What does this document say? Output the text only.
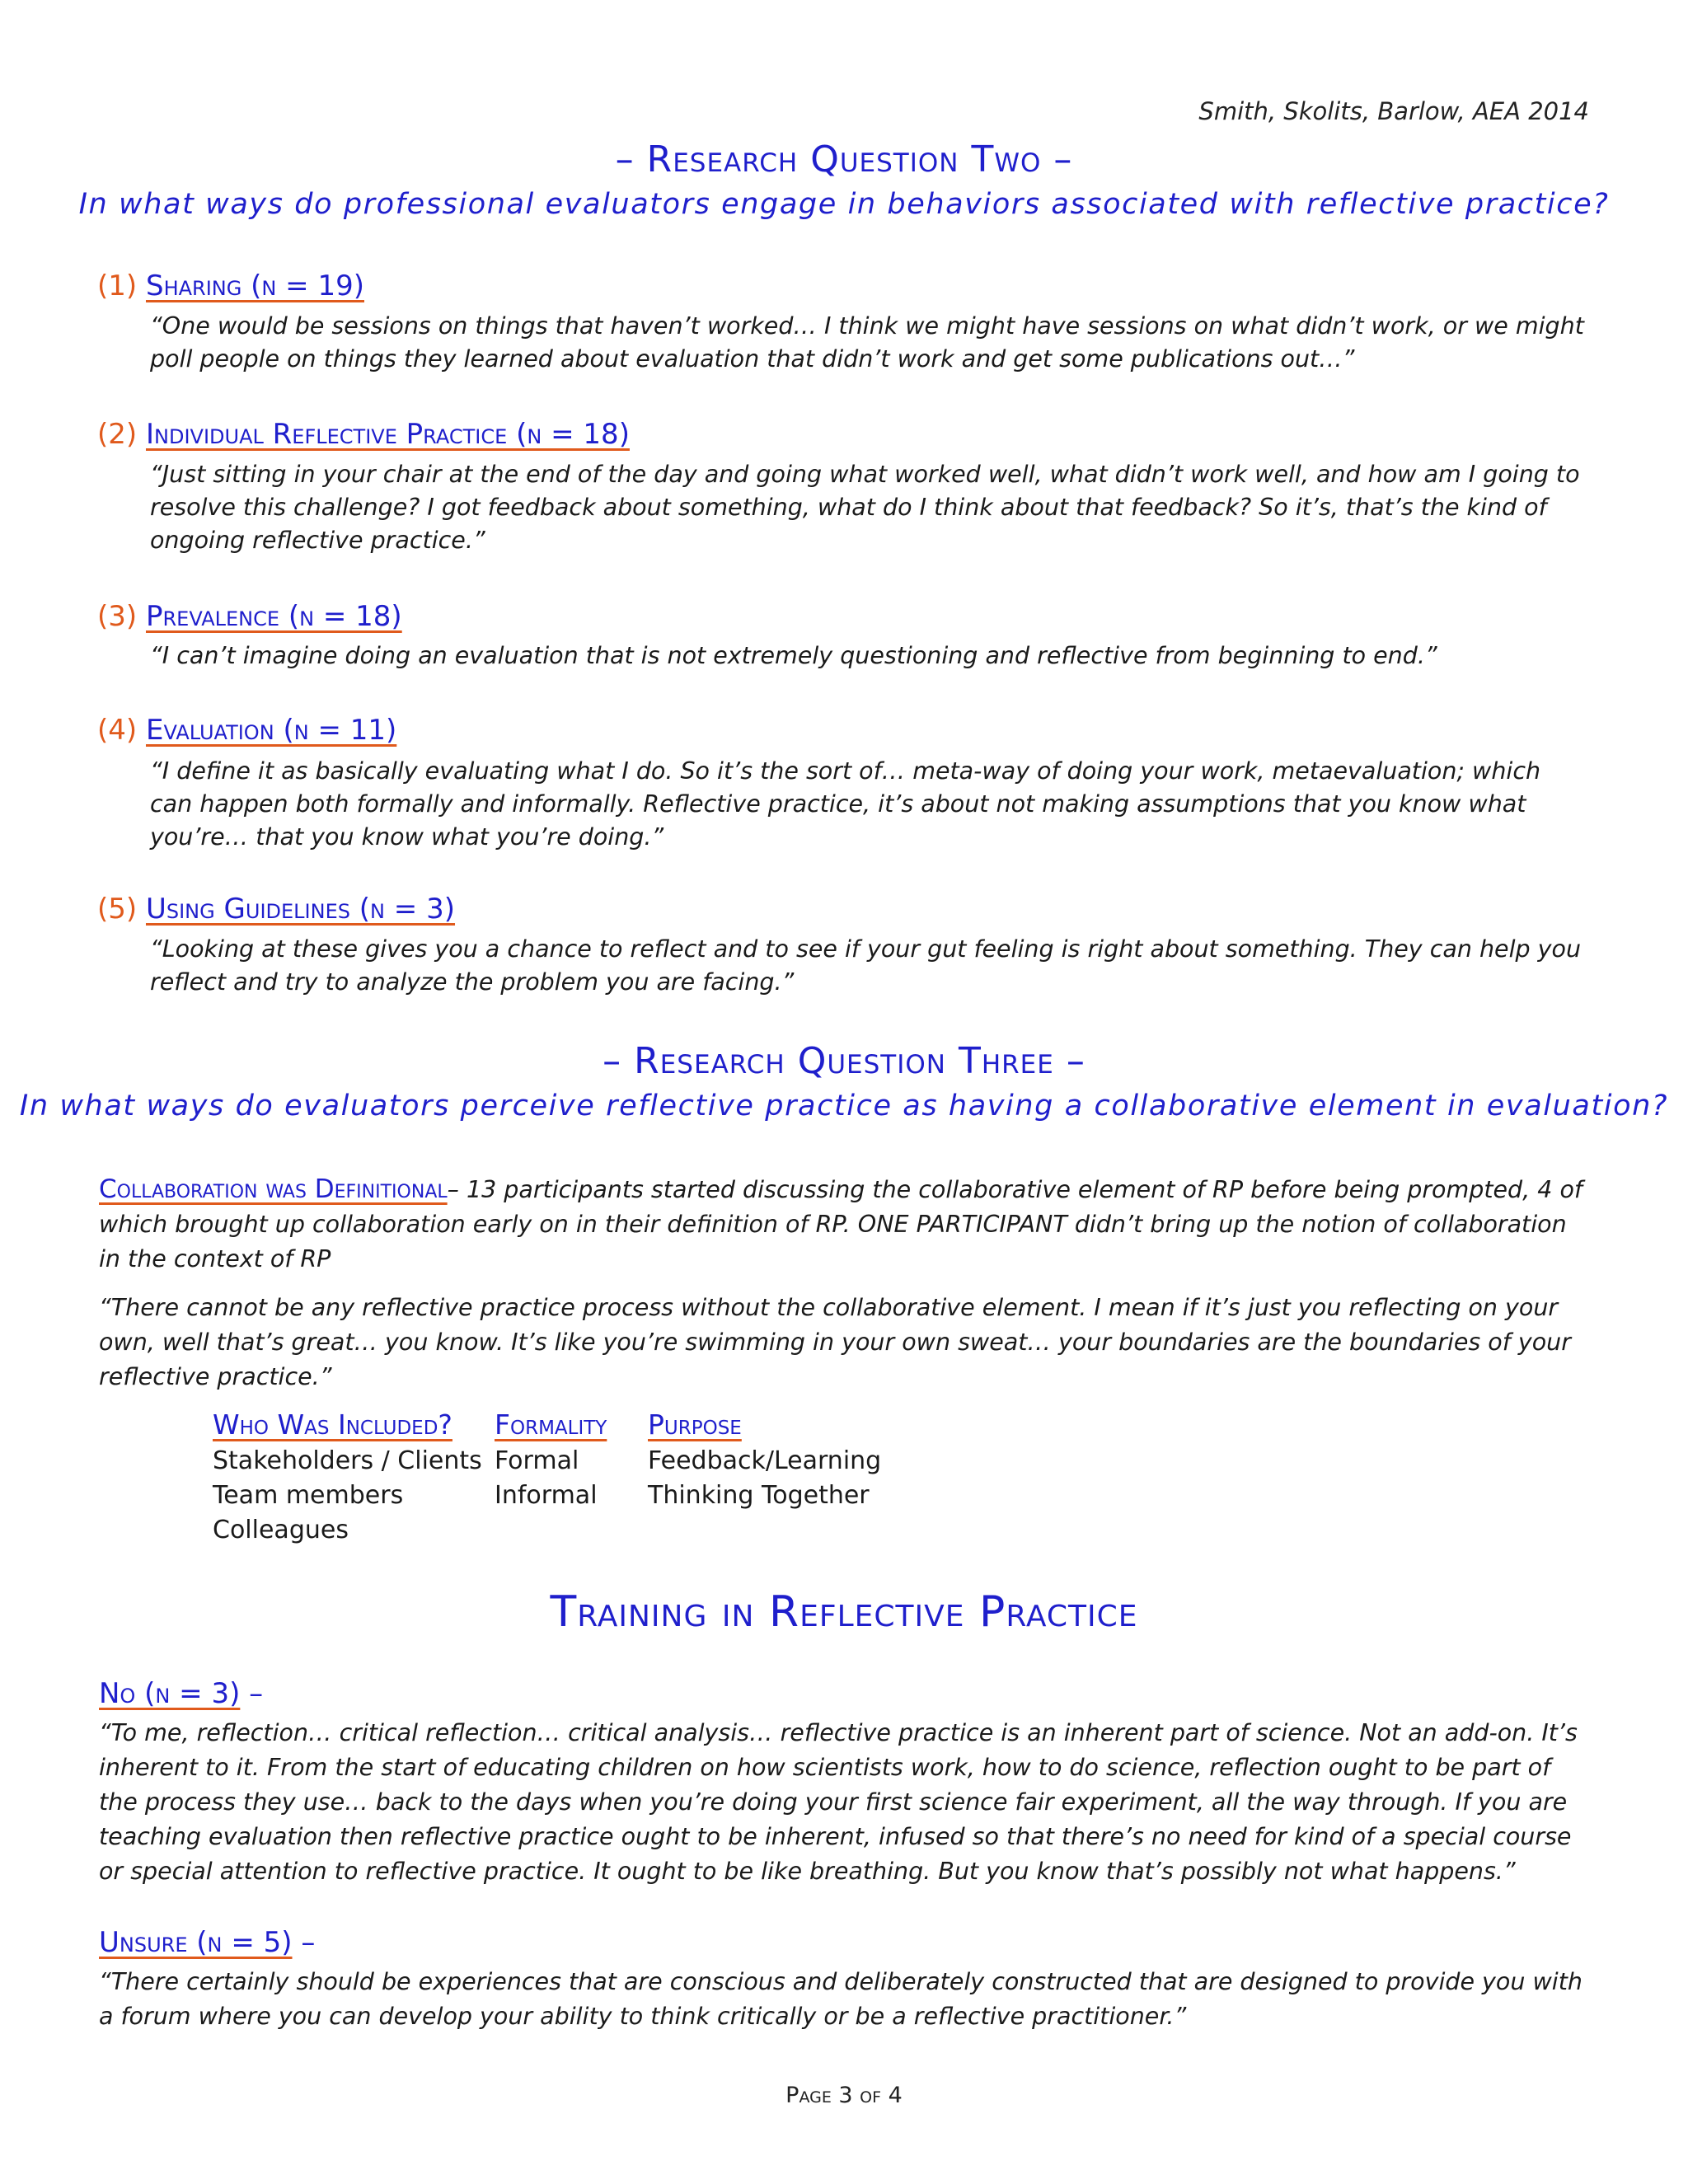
Smith, Skolits, Barlow, AEA 2014
– Research Question Two –
In what ways do professional evaluators engage in behaviors associated with reflective practice?
(1) Sharing (n = 19)
“One would be sessions on things that haven’t worked… I think we might have sessions on what didn’t work, or we might poll people on things they learned about evaluation that didn’t work and get some publications out…”
(2) Individual Reflective Practice (n = 18)
“Just sitting in your chair at the end of the day and going what worked well, what didn’t work well, and how am I going to resolve this challenge? I got feedback about something, what do I think about that feedback? So it’s, that’s the kind of ongoing reflective practice.”
(3) Prevalence (n = 18)
“I can’t imagine doing an evaluation that is not extremely questioning and reflective from beginning to end.”
(4) Evaluation (n = 11)
“I define it as basically evaluating what I do. So it’s the sort of… meta-way of doing your work, metaevaluation; which can happen both formally and informally. Reflective practice, it’s about not making assumptions that you know what you’re… that you know what you’re doing.”
(5) Using Guidelines (n = 3)
“Looking at these gives you a chance to reflect and to see if your gut feeling is right about something. They can help you reflect and try to analyze the problem you are facing.”
– Research Question Three –
In what ways do evaluators perceive reflective practice as having a collaborative element in evaluation?
Collaboration was Definitional– 13 participants started discussing the collaborative element of RP before being prompted, 4 of which brought up collaboration early on in their definition of RP. ONE PARTICIPANT didn’t bring up the notion of collaboration in the context of RP
“There cannot be any reflective practice process without the collaborative element. I mean if it’s just you reflecting on your own, well that’s great… you know. It’s like you’re swimming in your own sweat… your boundaries are the boundaries of your reflective practice.”
Who Was Included?
Stakeholders / Clients
Team members
Colleagues
Formality
Formal
Informal
Purpose
Feedback/Learning
Thinking Together
Training in Reflective Practice
No (n = 3) –
“To me, reflection… critical reflection… critical analysis… reflective practice is an inherent part of science. Not an add-on. It’s inherent to it. From the start of educating children on how scientists work, how to do science, reflection ought to be part of the process they use… back to the days when you’re doing your first science fair experiment, all the way through. If you are teaching evaluation then reflective practice ought to be inherent, infused so that there’s no need for kind of a special course or special attention to reflective practice. It ought to be like breathing. But you know that’s possibly not what happens.”
Unsure (n = 5) –
“There certainly should be experiences that are conscious and deliberately constructed that are designed to provide you with a forum where you can develop your ability to think critically or be a reflective practitioner.”
Page 3 of 4
